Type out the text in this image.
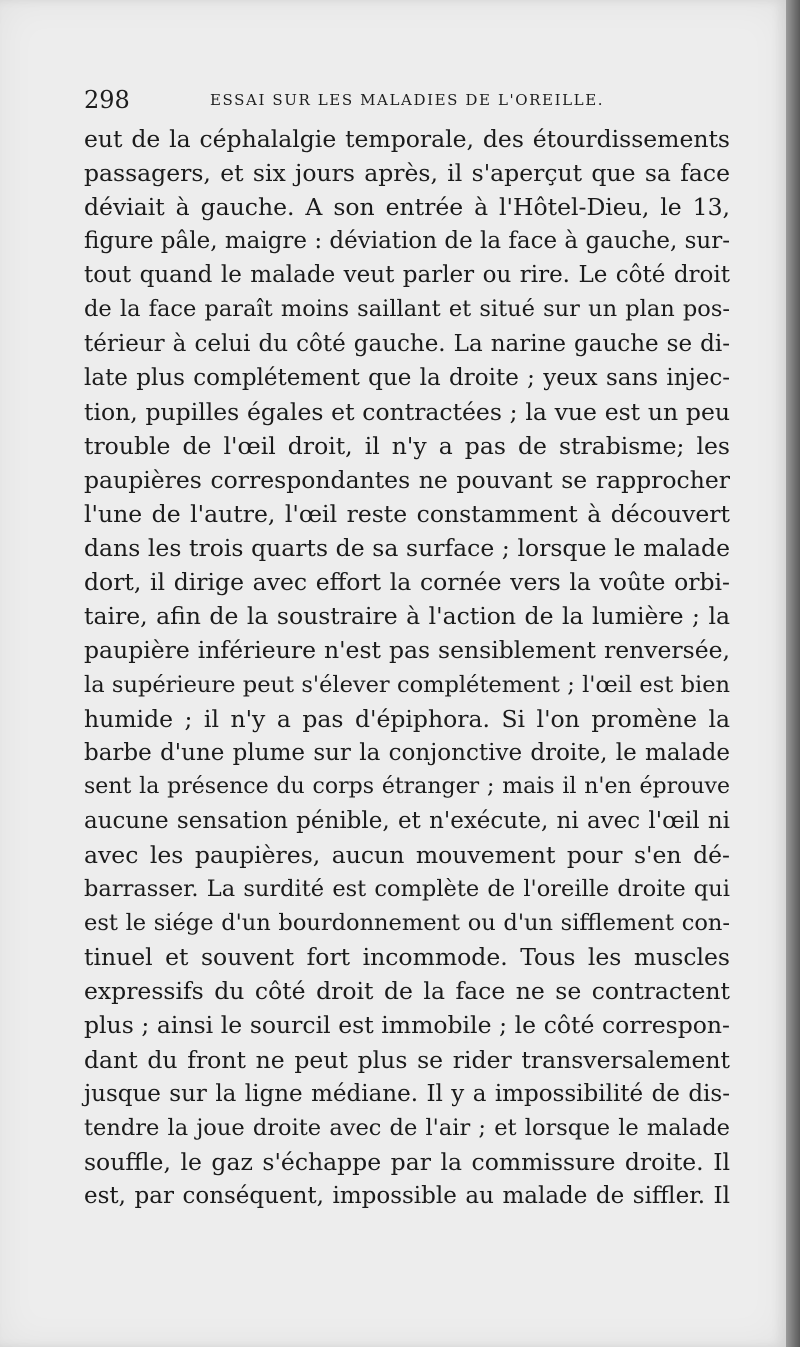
298	ESSAI SUR LES MALADIES DE L'OREILLE.
eut de la céphalalgie temporale, des étourdissements
passagers, et six jours après, il s'aperçut que sa face
déviait à gauche. A son entrée à l'Hôtel-Dieu, le 13,
figure pâle, maigre : déviation de la face à gauche, sur-
tout quand le malade veut parler ou rire. Le côté droit
de la face paraît moins saillant et situé sur un plan pos-
térieur à celui du côté gauche. La narine gauche se di-
late plus complétement que la droite ; yeux sans injec-
tion, pupilles égales et contractées ; la vue est un peu
trouble de l'œil droit, il n'y a pas de strabisme; les
paupières correspondantes ne pouvant se rapprocher
l'une de l'autre, l'œil reste constamment à découvert
dans les trois quarts de sa surface ; lorsque le malade
dort, il dirige avec effort la cornée vers la voûte orbi-
taire, afin de la soustraire à l'action de la lumière ; la
paupière inférieure n'est pas sensiblement renversée,
la supérieure peut s'élever complétement ; l'œil est bien
humide ; il n'y a pas d'épiphora. Si l'on promène la
barbe d'une plume sur la conjonctive droite, le malade
sent la présence du corps étranger ; mais il n'en éprouve
aucune sensation pénible, et n'exécute, ni avec l'œil ni
avec les paupières, aucun mouvement pour s'en dé-
barrasser. La surdité est complète de l'oreille droite qui
est le siége d'un bourdonnement ou d'un sifflement con-
tinuel et souvent fort incommode. Tous les muscles
expressifs du côté droit de la face ne se contractent
plus ; ainsi le sourcil est immobile ; le côté correspon-
dant du front ne peut plus se rider transversalement
jusque sur la ligne médiane. Il y a impossibilité de dis-
tendre la joue droite avec de l'air ; et lorsque le malade
souffle, le gaz s'échappe par la commissure droite. Il
est, par conséquent, impossible au malade de siffler. Il
